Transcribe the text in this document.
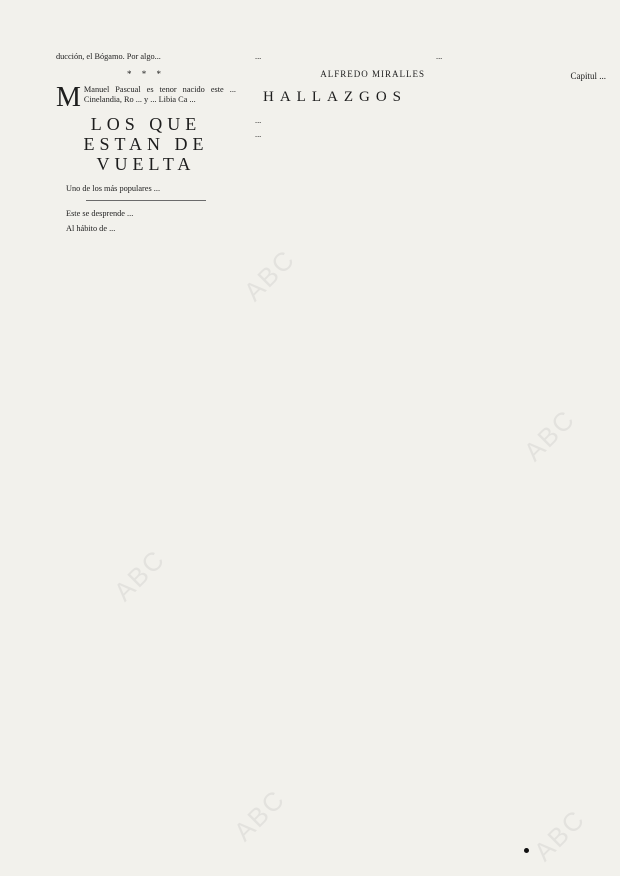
ducción, el Bógamo. Por algo...

* * *

M Manuel Pascual es tenor nacido este ... Cinelandia, Ro ... y ... Libia Ca ...

LOS QUE ESTAN DE VUELTA

Uno de los más populares ...

Este se desprende ...

Al hábito de ...

...

ALFREDO MIRALLES
HALLAZGOS

...

...

...

Capitul ...
ABC
ABC	ABC
ABC
ABC
